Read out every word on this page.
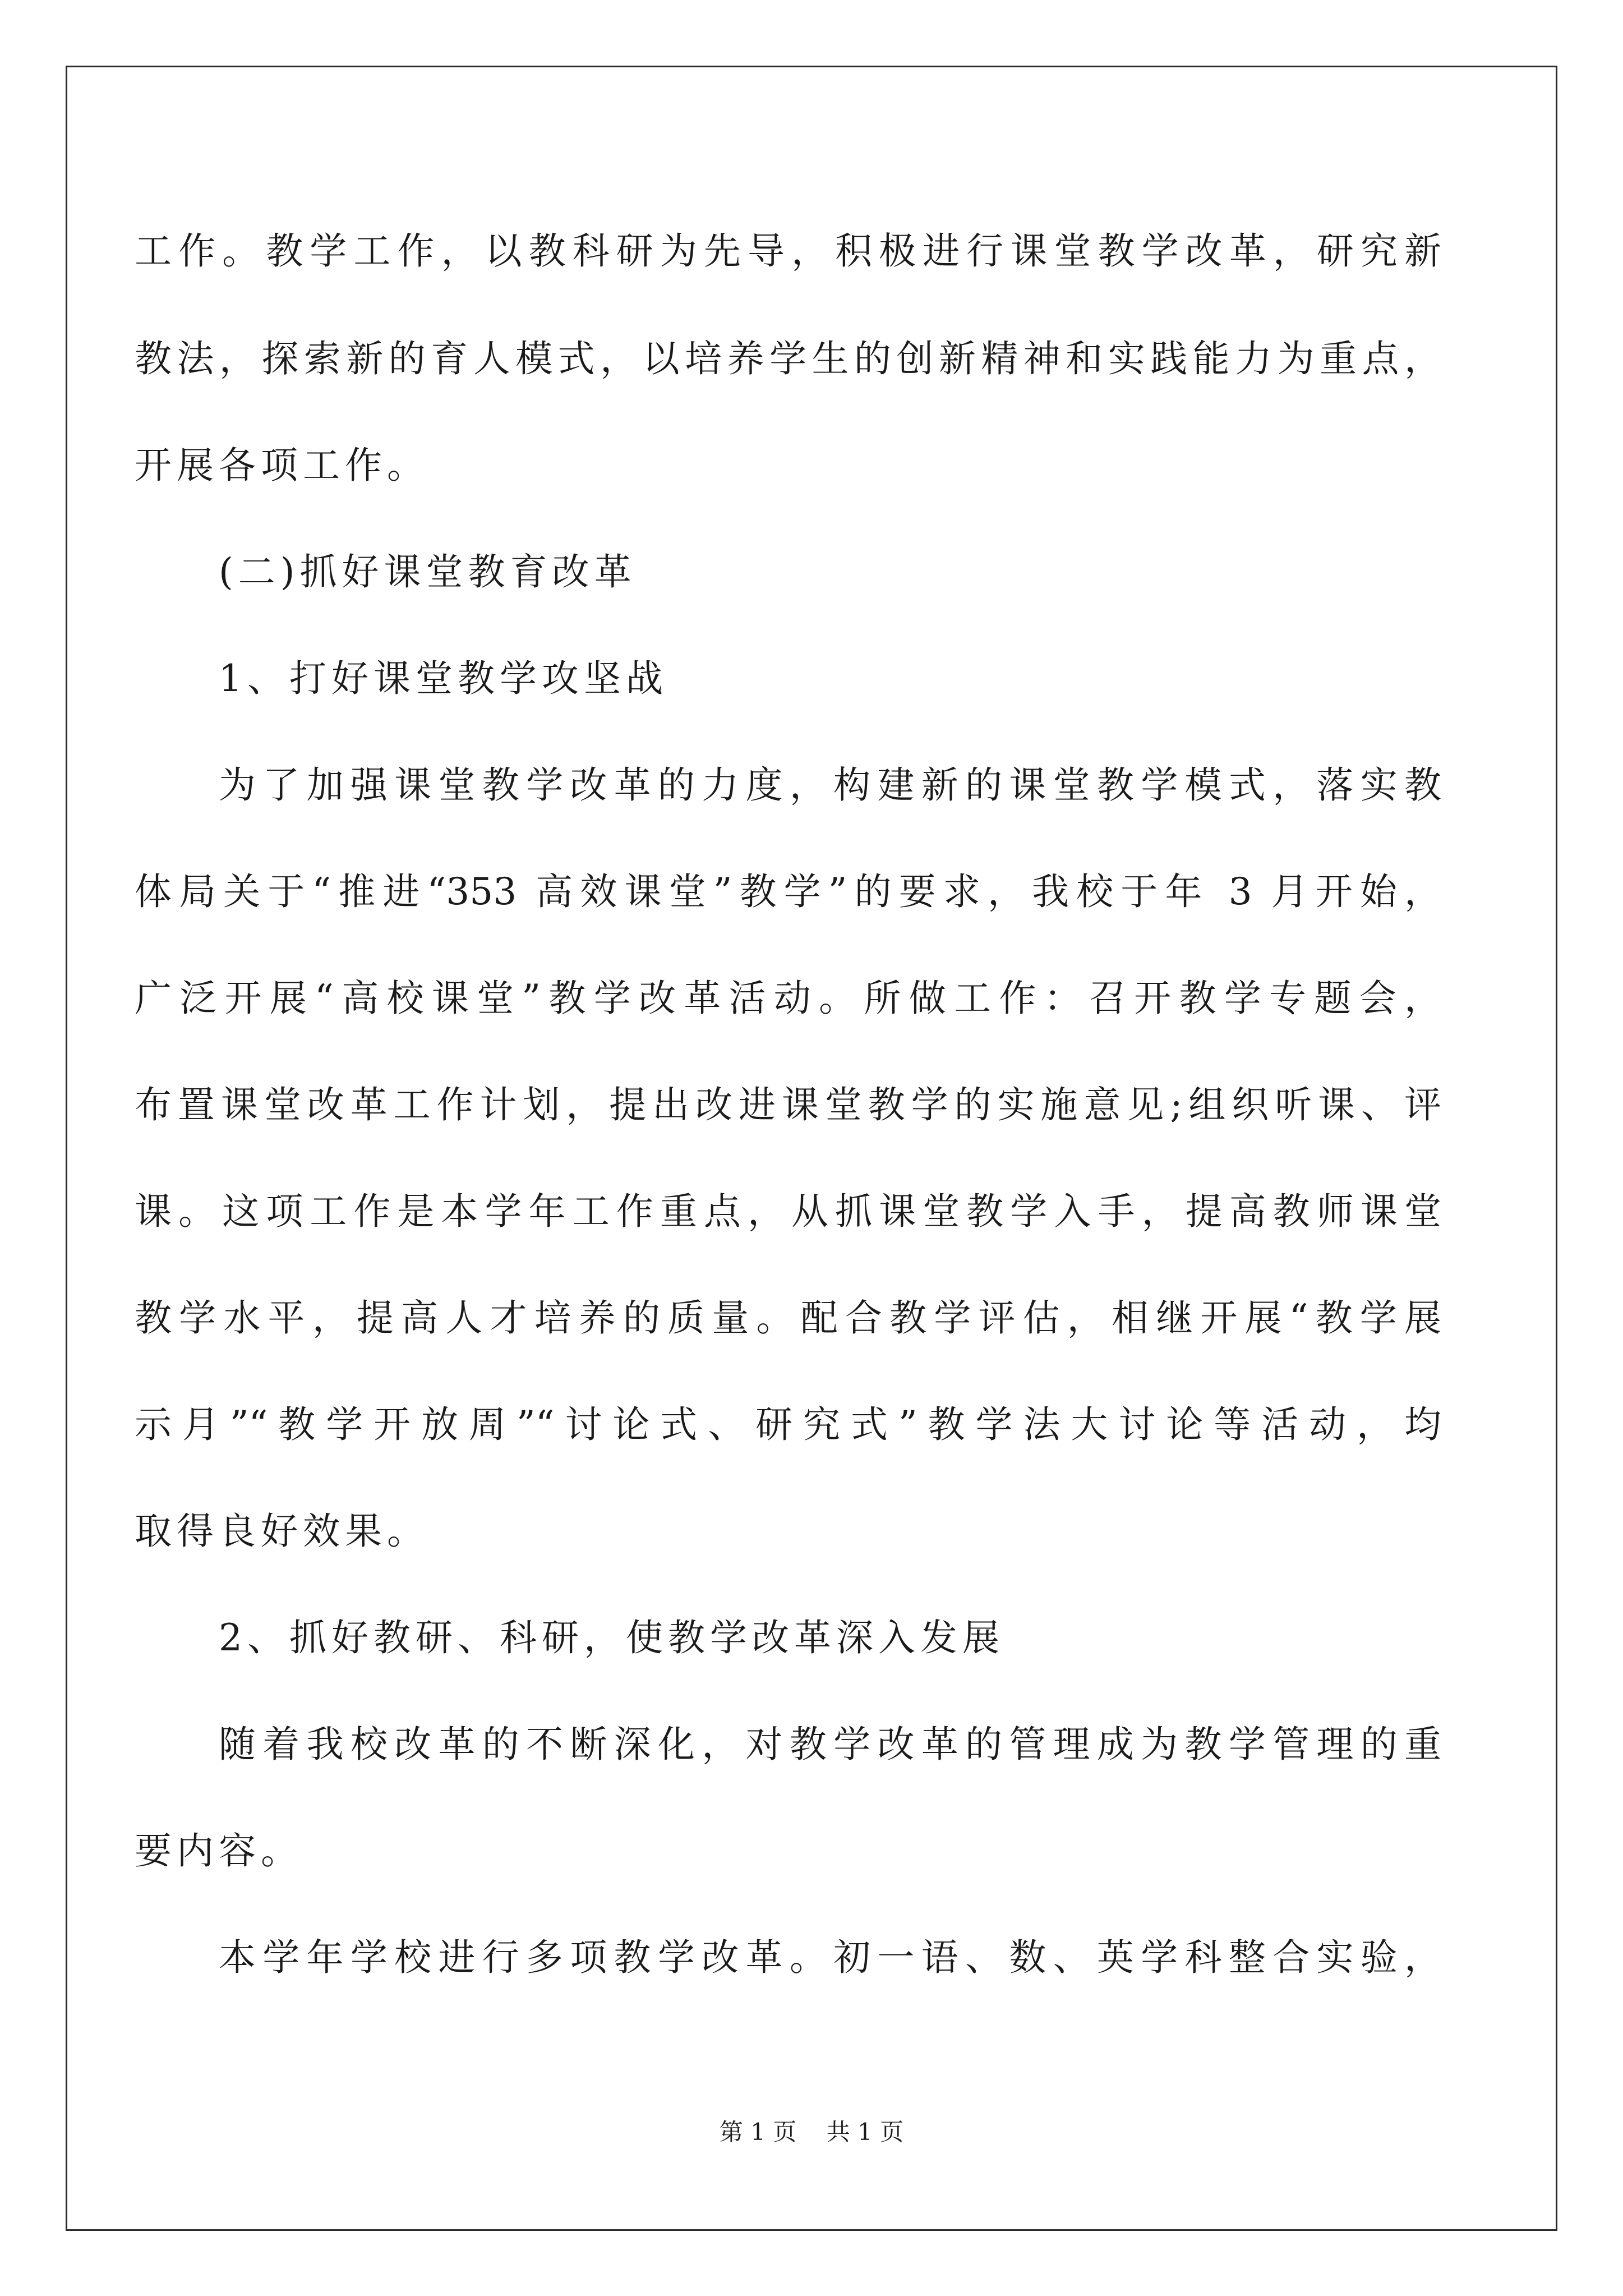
工作。教学工作，以教科研为先导，积极进行课堂教学改革，研究新
教法，探索新的育人模式，以培养学生的创新精神和实践能力为重点，
开展各项工作。
(二)抓好课堂教育改革
1、打好课堂教学攻坚战
为了加强课堂教学改革的力度，构建新的课堂教学模式，落实教
体局关于“推进“353 高效课堂”教学”的要求，我校于年 3 月开始，
广泛开展“高校课堂”教学改革活动。所做工作：召开教学专题会，
布置课堂改革工作计划，提出改进课堂教学的实施意见;组织听课、评
课。这项工作是本学年工作重点，从抓课堂教学入手，提高教师课堂
教学水平，提高人才培养的质量。配合教学评估，相继开展“教学展
示月”“教学开放周”“讨论式、研究式”教学法大讨论等活动，均
取得良好效果。
2、抓好教研、科研，使教学改革深入发展
随着我校改革的不断深化，对教学改革的管理成为教学管理的重
要内容。
本学年学校进行多项教学改革。初一语、数、英学科整合实验，
第 1 页    共 1 页
